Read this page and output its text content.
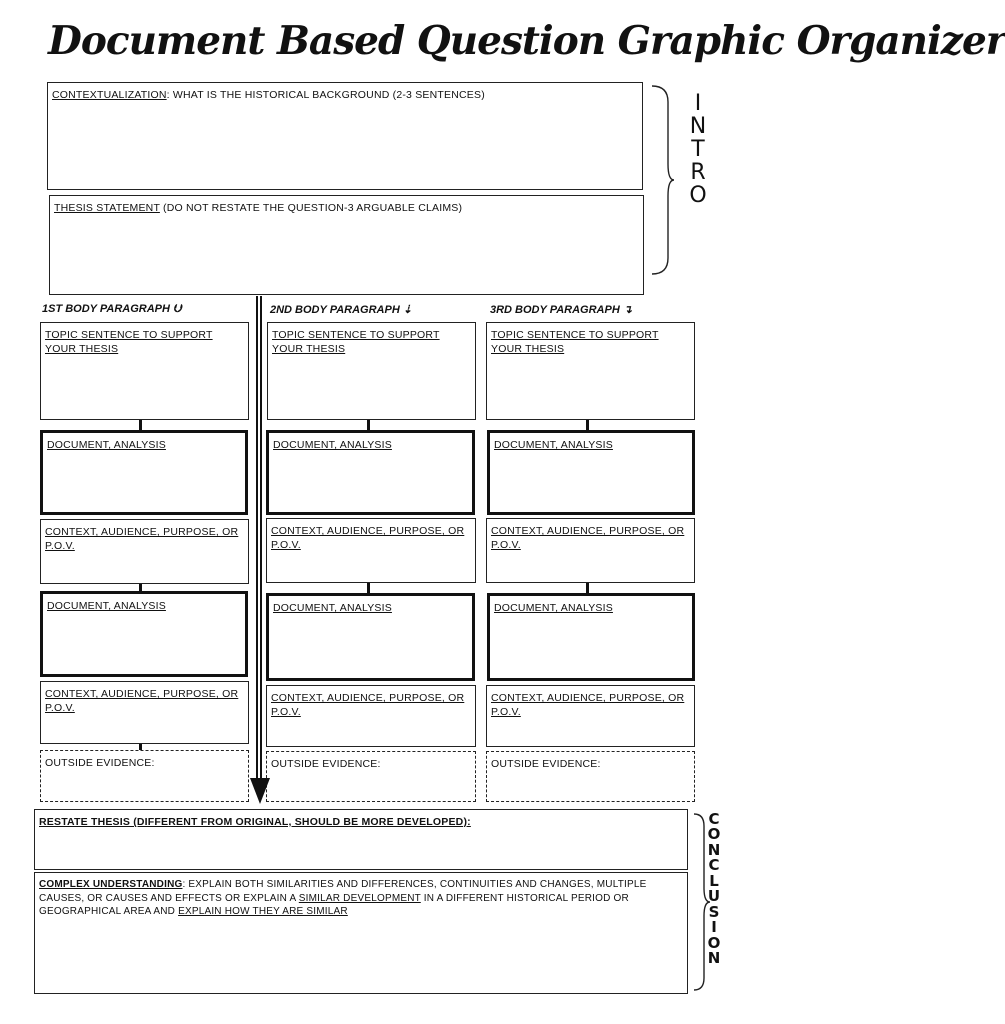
Document Based Question Graphic Organizer
CONTEXTUALIZATION: WHAT IS THE HISTORICAL BACKGROUND (2-3 SENTENCES)
THESIS STATEMENT (DO NOT RESTATE THE QUESTION-3 ARGUABLE CLAIMS)
I
N
T
R
O
1ST BODY PARAGRAPH ⮋	2ND BODY PARAGRAPH ⇣	3RD BODY PARAGRAPH ↴
TOPIC SENTENCE TO SUPPORT YOUR THESIS
DOCUMENT, ANALYSIS
CONTEXT, AUDIENCE, PURPOSE, OR P.O.V.
DOCUMENT, ANALYSIS
CONTEXT, AUDIENCE, PURPOSE, OR P.O.V.
OUTSIDE EVIDENCE:
TOPIC SENTENCE TO SUPPORT YOUR THESIS
DOCUMENT, ANALYSIS
CONTEXT, AUDIENCE, PURPOSE, OR P.O.V.
DOCUMENT, ANALYSIS
CONTEXT, AUDIENCE, PURPOSE, OR P.O.V.
OUTSIDE EVIDENCE:
TOPIC SENTENCE TO SUPPORT YOUR THESIS
DOCUMENT, ANALYSIS
CONTEXT, AUDIENCE, PURPOSE, OR P.O.V.
DOCUMENT, ANALYSIS
CONTEXT, AUDIENCE, PURPOSE, OR P.O.V.
OUTSIDE EVIDENCE:
RESTATE THESIS (DIFFERENT FROM ORIGINAL, SHOULD BE MORE DEVELOPED):
COMPLEX UNDERSTANDING: EXPLAIN BOTH SIMILARITIES AND DIFFERENCES, CONTINUITIES AND CHANGES, MULTIPLE CAUSES, OR CAUSES AND EFFECTS OR EXPLAIN A SIMILAR DEVELOPMENT IN A DIFFERENT HISTORICAL PERIOD OR GEOGRAPHICAL AREA AND EXPLAIN HOW THEY ARE SIMILAR
C
O
N
C
L
U
S
I
O
N
